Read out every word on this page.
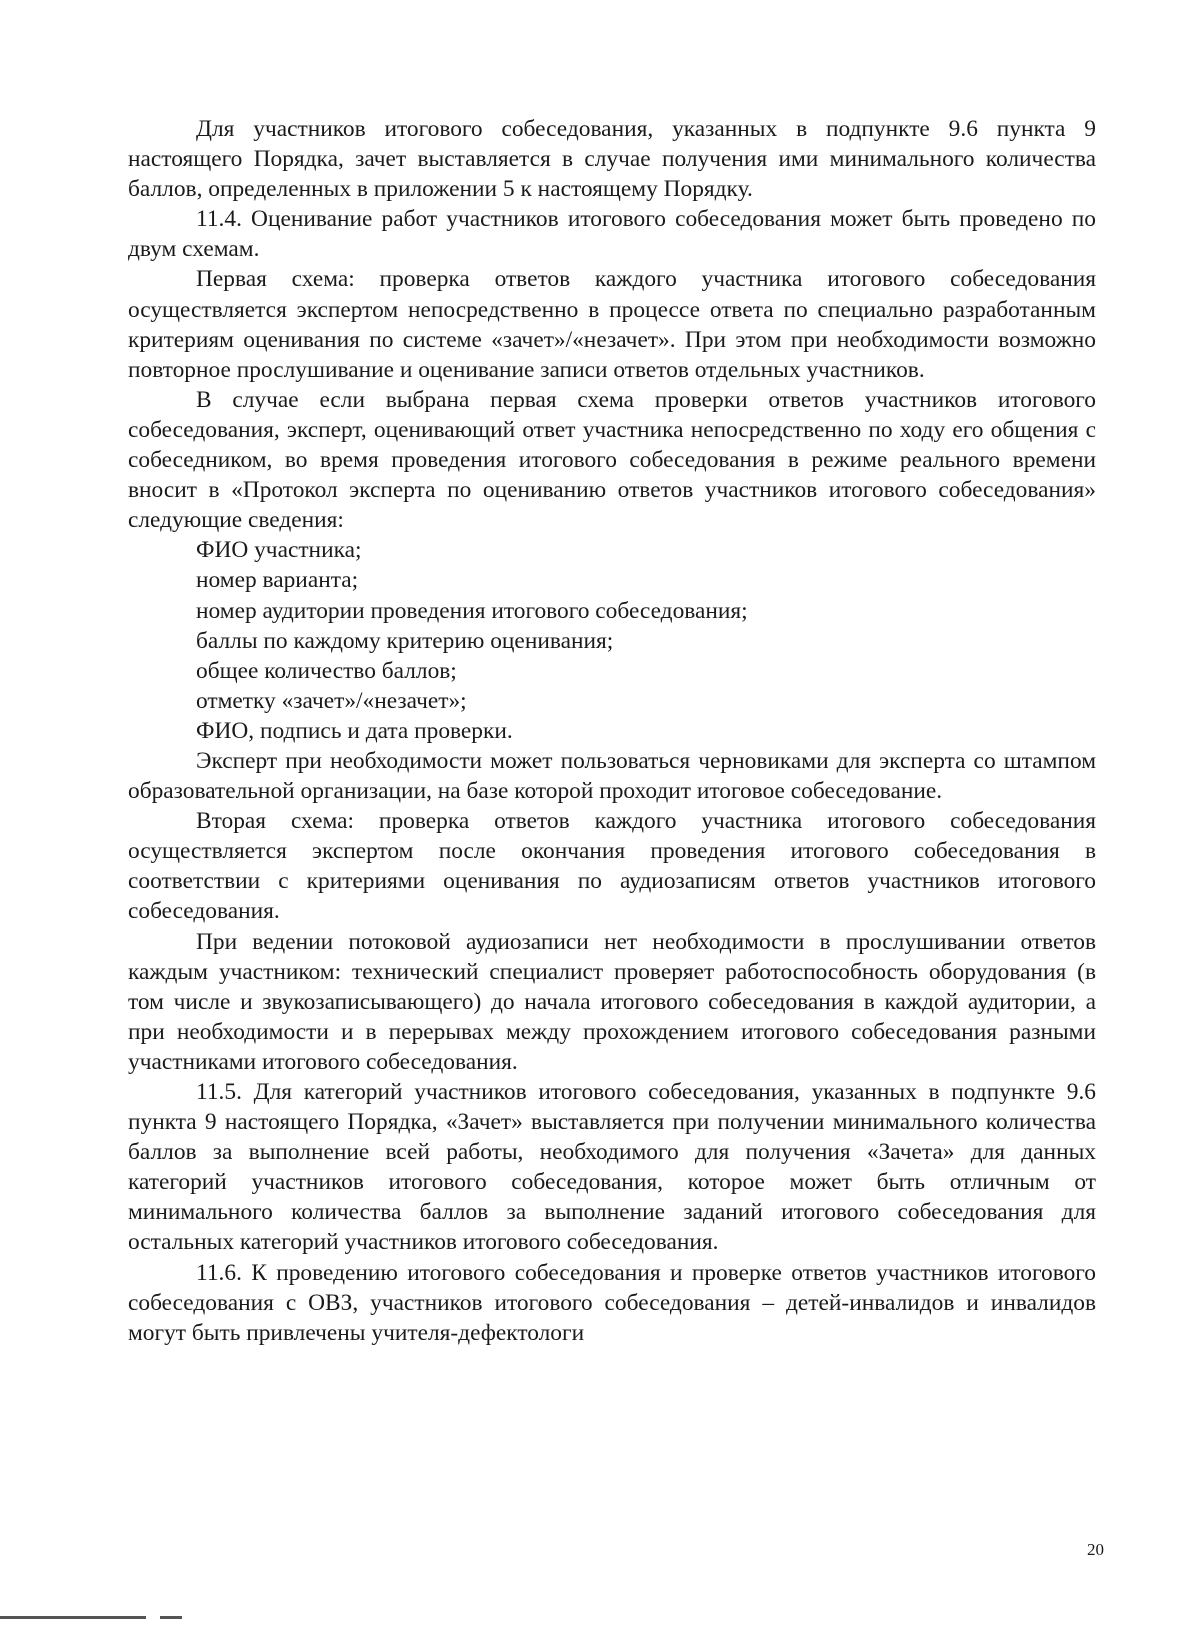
Для участников итогового собеседования, указанных в подпункте 9.6 пункта 9 настоящего Порядка, зачет выставляется в случае получения ими минимального количества баллов, определенных в приложении 5 к настоящему Порядку.

11.4. Оценивание работ участников итогового собеседования может быть проведено по двум схемам.

Первая схема: проверка ответов каждого участника итогового собеседования осуществляется экспертом непосредственно в процессе ответа по специально разработанным критериям оценивания по системе «зачет»/«незачет». При этом при необходимости возможно повторное прослушивание и оценивание записи ответов отдельных участников.

В случае если выбрана первая схема проверки ответов участников итогового собеседования, эксперт, оценивающий ответ участника непосредственно по ходу его общения с собеседником, во время проведения итогового собеседования в режиме реального времени вносит в «Протокол эксперта по оцениванию ответов участников итогового собеседования» следующие сведения:

ФИО участника;

номер варианта;

номер аудитории проведения итогового собеседования;

баллы по каждому критерию оценивания;

общее количество баллов;

отметку «зачет»/«незачет»;

ФИО, подпись и дата проверки.

Эксперт при необходимости может пользоваться черновиками для эксперта со штампом образовательной организации, на базе которой проходит итоговое собеседование.

Вторая схема: проверка ответов каждого участника итогового собеседования осуществляется экспертом после окончания проведения итогового собеседования в соответствии с критериями оценивания по аудиозаписям ответов участников итогового собеседования.

При ведении потоковой аудиозаписи нет необходимости в прослушивании ответов каждым участником: технический специалист проверяет работоспособность оборудования (в том числе и звукозаписывающего) до начала итогового собеседования в каждой аудитории, а при необходимости и в перерывах между прохождением итогового собеседования разными участниками итогового собеседования.

11.5. Для категорий участников итогового собеседования, указанных в подпункте 9.6 пункта 9 настоящего Порядка, «Зачет» выставляется при получении минимального количества баллов за выполнение всей работы, необходимого для получения «Зачета» для данных категорий участников итогового собеседования, которое может быть отличным от минимального количества баллов за выполнение заданий итогового собеседования для остальных категорий участников итогового собеседования.

11.6. К проведению итогового собеседования и проверке ответов участников итогового собеседования с ОВЗ, участников итогового собеседования – детей-инвалидов и инвалидов могут быть привлечены учителя-дефектологи

20
